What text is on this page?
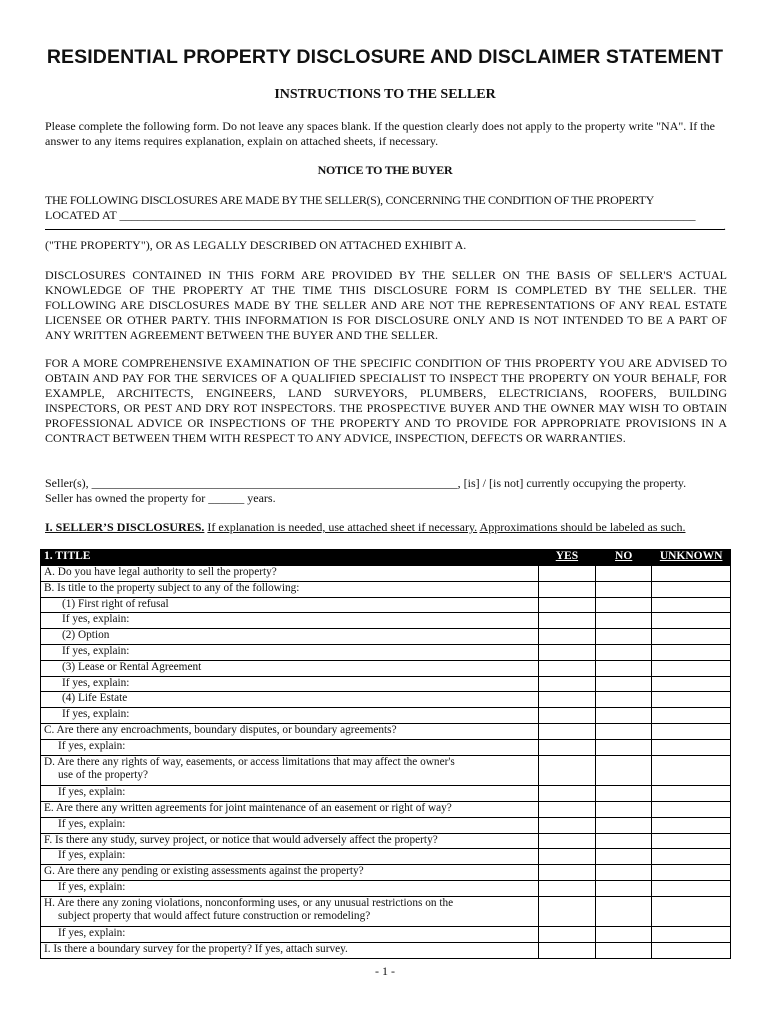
RESIDENTIAL PROPERTY DISCLOSURE AND DISCLAIMER STATEMENT
INSTRUCTIONS TO THE SELLER

Please complete the following form. Do not leave any spaces blank. If the question clearly does not apply to the property write "NA". If the answer to any items requires explanation, explain on attached sheets, if necessary.

NOTICE TO THE BUYER

THE FOLLOWING DISCLOSURES ARE MADE BY THE SELLER(S), CONCERNING THE CONDITION OF THE PROPERTY

LOCATED AT ________________________________________________________________________________________________

.

("THE PROPERTY"), OR AS LEGALLY DESCRIBED ON ATTACHED EXHIBIT A.

DISCLOSURES CONTAINED IN THIS FORM ARE PROVIDED BY THE SELLER ON THE BASIS OF SELLER'S ACTUAL KNOWLEDGE OF THE PROPERTY AT THE TIME THIS DISCLOSURE FORM IS COMPLETED BY THE SELLER. THE FOLLOWING ARE DISCLOSURES MADE BY THE SELLER AND ARE NOT THE REPRESENTATIONS OF ANY REAL ESTATE LICENSEE OR OTHER PARTY. THIS INFORMATION IS FOR DISCLOSURE ONLY AND IS NOT INTENDED TO BE A PART OF ANY WRITTEN AGREEMENT BETWEEN THE BUYER AND THE SELLER.

FOR A MORE COMPREHENSIVE EXAMINATION OF THE SPECIFIC CONDITION OF THIS PROPERTY YOU ARE ADVISED TO OBTAIN AND PAY FOR THE SERVICES OF A QUALIFIED SPECIALIST TO INSPECT THE PROPERTY ON YOUR BEHALF, FOR EXAMPLE, ARCHITECTS, ENGINEERS, LAND SURVEYORS, PLUMBERS, ELECTRICIANS, ROOFERS, BUILDING INSPECTORS, OR PEST AND DRY ROT INSPECTORS. THE PROSPECTIVE BUYER AND THE OWNER MAY WISH TO OBTAIN PROFESSIONAL ADVICE OR INSPECTIONS OF THE PROPERTY AND TO PROVIDE FOR APPROPRIATE PROVISIONS IN A CONTRACT BETWEEN THEM WITH RESPECT TO ANY ADVICE, INSPECTION, DEFECTS OR WARRANTIES.

Seller(s), _____________________________________________________________, [is] / [is not] currently occupying the property.

Seller has owned the property for ______ years.

I. SELLER’S DISCLOSURES. If explanation is needed, use attached sheet if necessary. Approximations should be labeled as such.
1. TITLE	YES	NO	UNKNOWN
A. Do you have legal authority to sell the property?			
B. Is title to the property subject to any of the following:			
(1) First right of refusal			
If yes, explain:			
(2) Option			
If yes, explain:			
(3) Lease or Rental Agreement			
If yes, explain:			
(4) Life Estate			
If yes, explain:			
C. Are there any encroachments, boundary disputes, or boundary agreements?			
If yes, explain:			
D. Are there any rights of way, easements, or access limitations that may affect the owner's
use of the property?			

If yes, explain:			
E. Are there any written agreements for joint maintenance of an easement or right of way?			
If yes, explain:			
F. Is there any study, survey project, or notice that would adversely affect the property?			
If yes, explain:			
G. Are there any pending or existing assessments against the property?			
If yes, explain:			
H. Are there any zoning violations, nonconforming uses, or any unusual restrictions on the
subject property that would affect future construction or remodeling?			

If yes, explain:			
I. Is there a boundary survey for the property? If yes, attach survey.			
- 1 -
